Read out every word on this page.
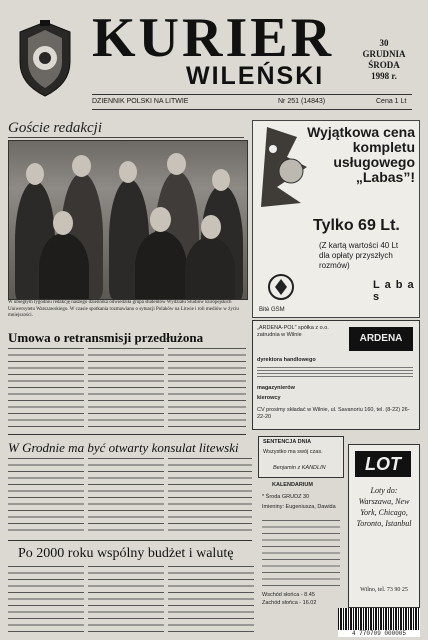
KURIER
WILEŃSKI
30
GRUDNIA
ŚRODA
1998 r.
DZIENNIK POLSKI NA LITWIE	Nr 251 (14843)	Cena 1 Lt
Goście redakcji
W ubiegłym tygodniu redakcję naszego dziennika odwiedziła grupa studentów Wydziału Studiów Europejskich Uniwersytetu Warszawskiego. W czasie spotkania rozmawiano o sytuacji Polaków na Litwie i roli mediów w życiu mniejszości.
Wyjątkowa cena kompletu usługowego „Labas”!
Tylko 69 Lt.
(Z kartą wartości 40 Lt dla opłaty przyszłych rozmów)
L a b a s
Bitė GSM
„ARDENA-POL” spółka z o.o. zatrudnia w Wilnie	ARDENA
dyrektora handlowego
magazynierów
kierowcy
CV prosimy składać w Wilnie, ul. Savanoriu 160, tel. (8-22) 26-22-20
Umowa o retransmisji przedłużona
W Grodnie ma być otwarty konsulat litewski
Po 2000 roku wspólny budżet i walutę
SENTENCJA DNIA
Wszystko ma swój czas.
Benjamin z KANDLIN
KALENDARIUM
* Środa GRUDZ 30
Imieniny: Eugeniusza, Dawida
Wschód słońca - 8.45
Zachód słońca - 16.02
LOT
Loty do: Warszawa, New York, Chicago, Toronto, Istanbul
Wilno, tel. 73 90 25
4 770709 000005
